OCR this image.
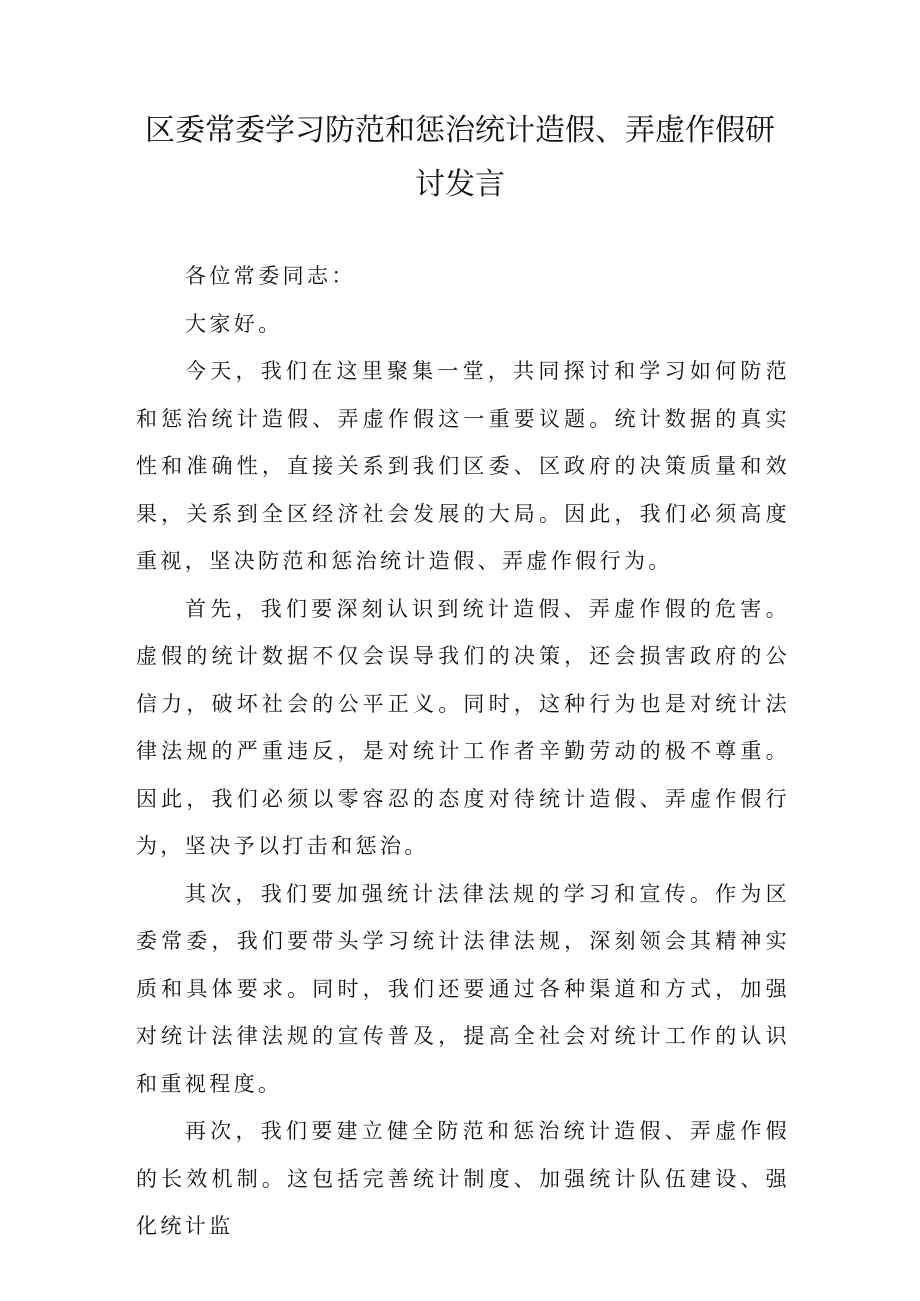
区委常委学习防范和惩治统计造假、弄虚作假研
讨发言

各位常委同志：

大家好。

今天，我们在这里聚集一堂，共同探讨和学习如何防范和惩治统计造假、弄虚作假这一重要议题。统计数据的真实性和准确性，直接关系到我们区委、区政府的决策质量和效果，关系到全区经济社会发展的大局。因此，我们必须高度重视，坚决防范和惩治统计造假、弄虚作假行为。

首先，我们要深刻认识到统计造假、弄虚作假的危害。虚假的统计数据不仅会误导我们的决策，还会损害政府的公信力，破坏社会的公平正义。同时，这种行为也是对统计法律法规的严重违反，是对统计工作者辛勤劳动的极不尊重。因此，我们必须以零容忍的态度对待统计造假、弄虚作假行为，坚决予以打击和惩治。

其次，我们要加强统计法律法规的学习和宣传。作为区委常委，我们要带头学习统计法律法规，深刻领会其精神实质和具体要求。同时，我们还要通过各种渠道和方式，加强对统计法律法规的宣传普及，提高全社会对统计工作的认识和重视程度。

再次，我们要建立健全防范和惩治统计造假、弄虚作假的长效机制。这包括完善统计制度、加强统计队伍建设、强化统计监
